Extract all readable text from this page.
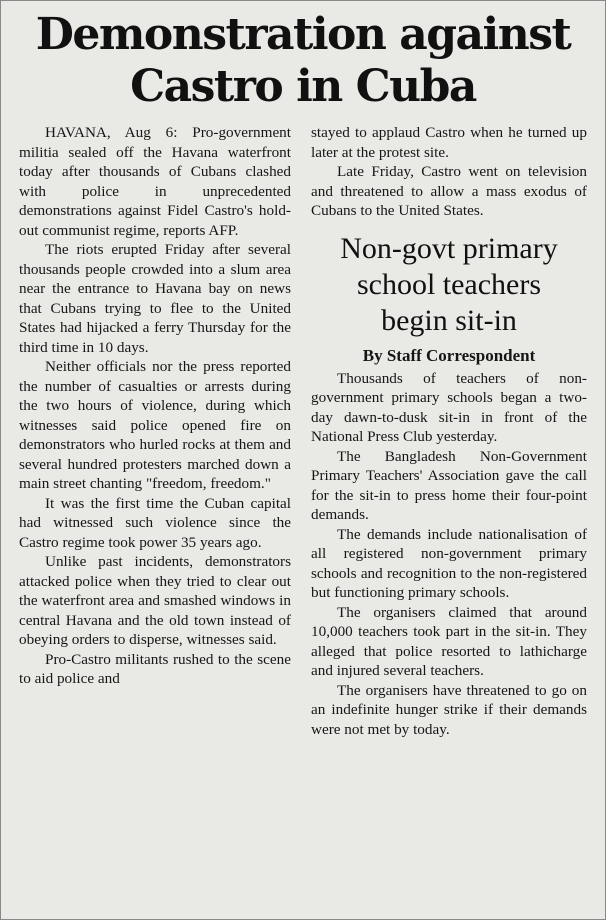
Demonstration against
Castro in Cuba

HAVANA, Aug 6: Pro-government militia sealed off the Havana waterfront today after thousands of Cubans clashed with police in unprecedented demonstrations against Fidel Castro's hold-out communist regime, reports AFP.

The riots erupted Friday after several thousands people crowded into a slum area near the entrance to Havana bay on news that Cubans trying to flee to the United States had hijacked a ferry Thursday for the third time in 10 days.

Neither officials nor the press reported the number of casualties or arrests during the two hours of violence, during which witnesses said police opened fire on demonstrators who hurled rocks at them and several hundred protesters marched down a main street chanting "freedom, freedom."

It was the first time the Cuban capital had witnessed such violence since the Castro regime took power 35 years ago.

Unlike past incidents, demonstrators attacked police when they tried to clear out the waterfront area and smashed windows in central Havana and the old town instead of obeying orders to disperse, witnesses said.

Pro-Castro militants rushed to the scene to aid police and

stayed to applaud Castro when he turned up later at the protest site.

Late Friday, Castro went on television and threatened to allow a mass exodus of Cubans to the United States.

Non-govt primary
school teachers
begin sit-in
By Staff Correspondent

Thousands of teachers of non-government primary schools began a two-day dawn-to-dusk sit-in in front of the National Press Club yesterday.

The Bangladesh Non-Government Primary Teachers' Association gave the call for the sit-in to press home their four-point demands.

The demands include nationalisation of all registered non-government primary schools and recognition to the non-registered but functioning primary schools.

The organisers claimed that around 10,000 teachers took part in the sit-in. They alleged that police resorted to lathicharge and injured several teachers.

The organisers have threatened to go on an indefinite hunger strike if their demands were not met by today.
